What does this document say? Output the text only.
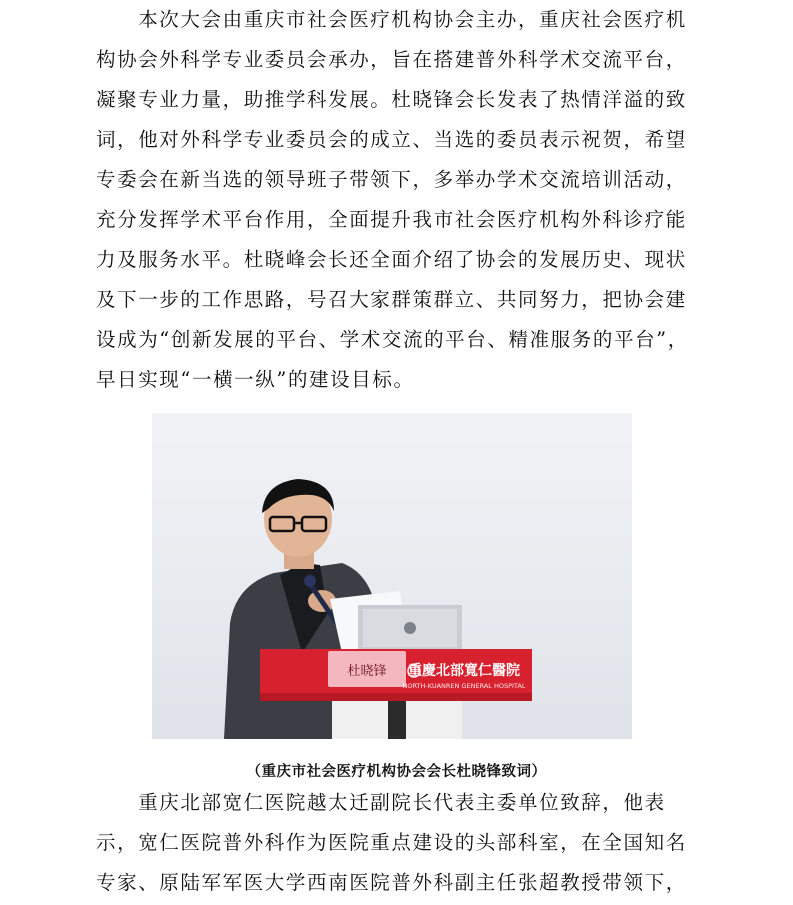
　　本次大会由重庆市社会医疗机构协会主办，重庆社会医疗机
构协会外科学专业委员会承办，旨在搭建普外科学术交流平台，
凝聚专业力量，助推学科发展。杜晓锋会长发表了热情洋溢的致
词，他对外科学专业委员会的成立、当选的委员表示祝贺，希望
专委会在新当选的领导班子带领下，多举办学术交流培训活动，
充分发挥学术平台作用，全面提升我市社会医疗机构外科诊疗能
力及服务水平。杜晓峰会长还全面介绍了协会的发展历史、现状
及下一步的工作思路，号召大家群策群立、共同努力，把协会建
设成为“创新发展的平台、学术交流的平台、精准服务的平台”，
早日实现“一横一纵”的建设目标。
杜晓锋 重慶北部寬仁醫院
NORTH-KUANREN GENERAL HOSPITAL
（重庆市社会医疗机构协会会长杜晓锋致词）
　　重庆北部宽仁医院越太迁副院长代表主委单位致辞，他表
示，宽仁医院普外科作为医院重点建设的头部科室，在全国知名
专家、原陆军军医大学西南医院普外科副主任张超教授带领下，
